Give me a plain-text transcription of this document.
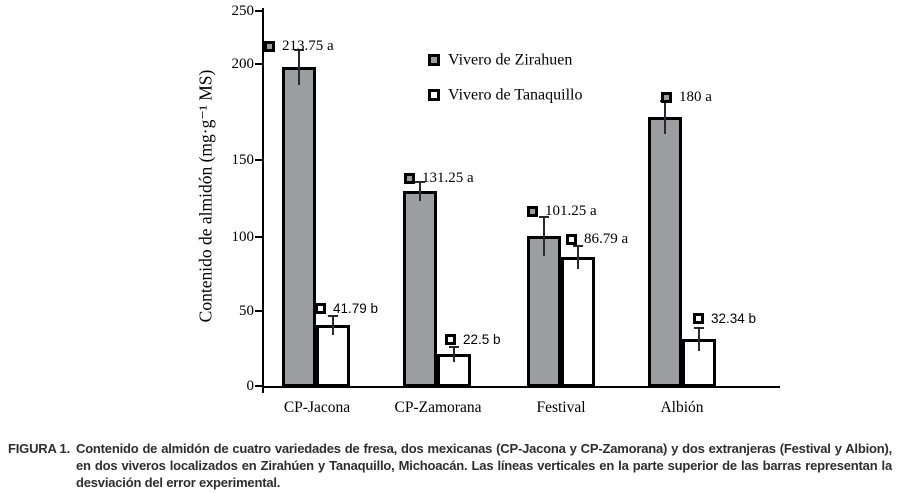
Contenido de almidón (mg·g⁻¹ MS)
0
50
100
150
200
250
213.75 a
131.25 a
101.25 a
180 a
41.79 b
22.5 b
86.79 a
32.34 b
CP-Jacona	CP-Zamorana	Festival	Albión
Vivero de Zirahuen
Vivero de Tanaquillo
FIGURA 1. Contenido de almidón de cuatro variedades de fresa, dos mexicanas (CP-Jacona y CP-Zamorana) y dos extranjeras (Festival y Albion), en dos viveros localizados en Zirahúen y Tanaquillo, Michoacán. Las líneas verticales en la parte superior de las barras representan la desviación del error experimental.
